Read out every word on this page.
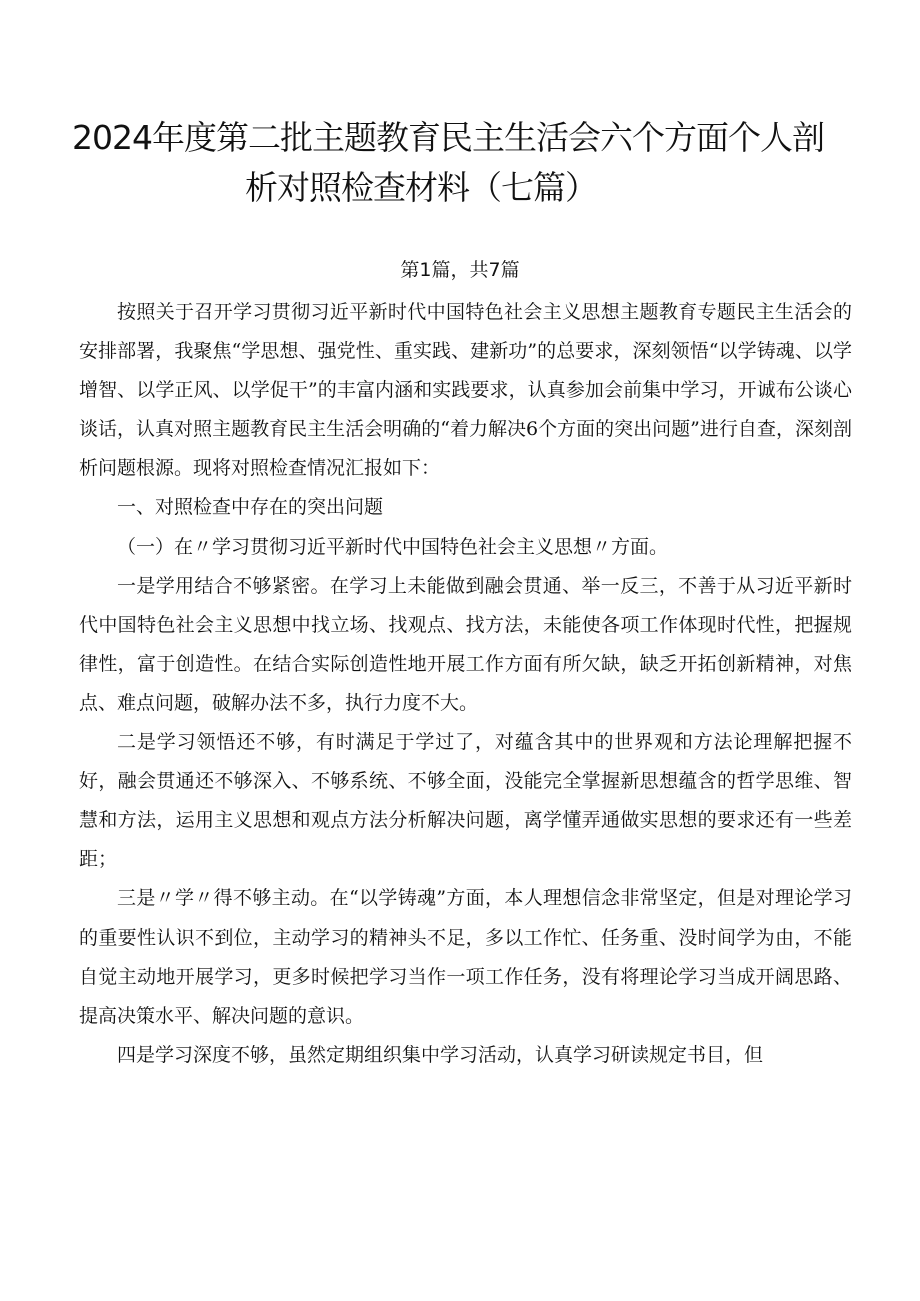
2024年度第二批主题教育民主生活会六个方面个人剖
析对照检查材料（七篇）
第1篇，共7篇

按照关于召开学习贯彻习近平新时代中国特色社会主义思想主题教育专题民主生活会的安排部署，我聚焦“学思想、强党性、重实践、建新功”的总要求，深刻领悟“以学铸魂、以学增智、以学正风、以学促干”的丰富内涵和实践要求，认真参加会前集中学习，开诚布公谈心谈话，认真对照主题教育民主生活会明确的“着力解决6个方面的突出问题”进行自查，深刻剖析问题根源。现将对照检查情况汇报如下：

一、对照检查中存在的突出问题

（一）在〃学习贯彻习近平新时代中国特色社会主义思想〃方面。

一是学用结合不够紧密。在学习上未能做到融会贯通、举一反三，不善于从习近平新时代中国特色社会主义思想中找立场、找观点、找方法，未能使各项工作体现时代性，把握规律性，富于创造性。在结合实际创造性地开展工作方面有所欠缺，缺乏开拓创新精神，对焦点、难点问题，破解办法不多，执行力度不大。

二是学习领悟还不够，有时满足于学过了，对蕴含其中的世界观和方法论理解把握不好，融会贯通还不够深入、不够系统、不够全面，没能完全掌握新思想蕴含的哲学思维、智慧和方法，运用主义思想和观点方法分析解决问题，离学懂弄通做实思想的要求还有一些差距；

三是〃学〃得不够主动。在“以学铸魂”方面，本人理想信念非常坚定，但是对理论学习的重要性认识不到位，主动学习的精神头不足，多以工作忙、任务重、没时间学为由，不能自觉主动地开展学习，更多时候把学习当作一项工作任务，没有将理论学习当成开阔思路、提高决策水平、解决问题的意识。

四是学习深度不够，虽然定期组织集中学习活动，认真学习研读规定书目，但
